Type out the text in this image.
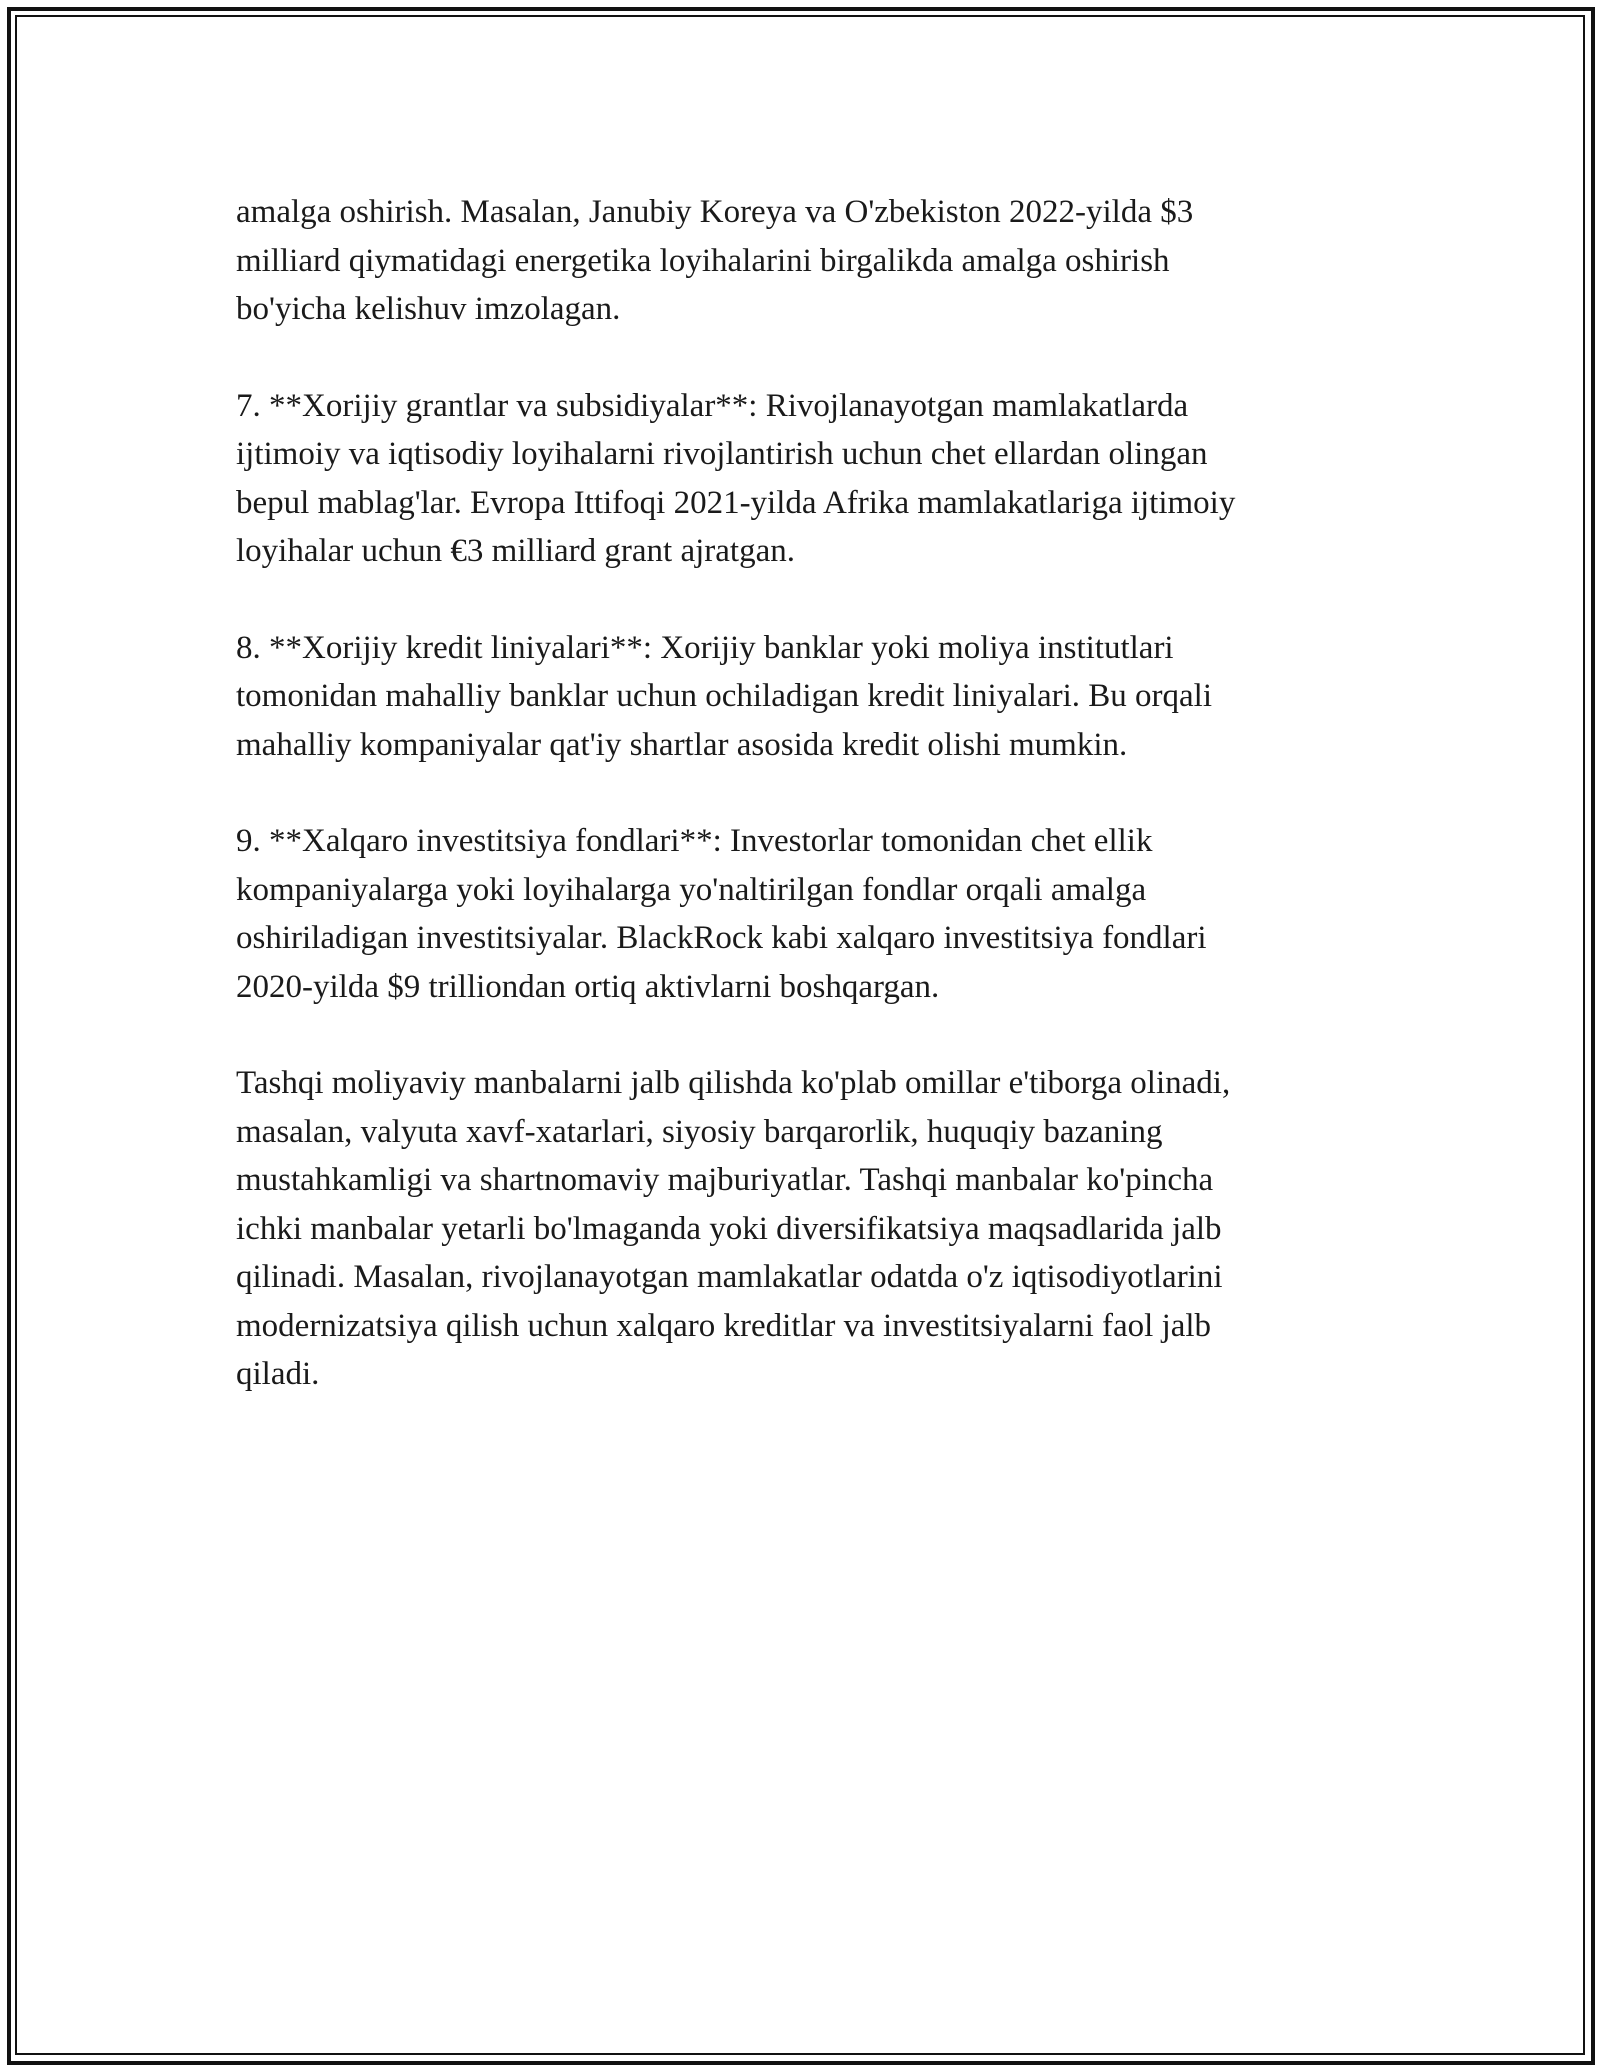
amalga oshirish. Masalan, Janubiy Koreya va O'zbekiston 2022-yilda $3
milliard qiymatidagi energetika loyihalarini birgalikda amalga oshirish
bo'yicha kelishuv imzolagan.

7. **Xorijiy grantlar va subsidiyalar**: Rivojlanayotgan mamlakatlarda
ijtimoiy va iqtisodiy loyihalarni rivojlantirish uchun chet ellardan olingan
bepul mablag'lar. Evropa Ittifoqi 2021-yilda Afrika mamlakatlariga ijtimoiy
loyihalar uchun €3 milliard grant ajratgan.

8. **Xorijiy kredit liniyalari**: Xorijiy banklar yoki moliya institutlari
tomonidan mahalliy banklar uchun ochiladigan kredit liniyalari. Bu orqali
mahalliy kompaniyalar qat'iy shartlar asosida kredit olishi mumkin.

9. **Xalqaro investitsiya fondlari**: Investorlar tomonidan chet ellik
kompaniyalarga yoki loyihalarga yo'naltirilgan fondlar orqali amalga
oshiriladigan investitsiyalar. BlackRock kabi xalqaro investitsiya fondlari
2020-yilda $9 trilliondan ortiq aktivlarni boshqargan.

Tashqi moliyaviy manbalarni jalb qilishda ko'plab omillar e'tiborga olinadi,
masalan, valyuta xavf-xatarlari, siyosiy barqarorlik, huquqiy bazaning
mustahkamligi va shartnomaviy majburiyatlar. Tashqi manbalar ko'pincha
ichki manbalar yetarli bo'lmaganda yoki diversifikatsiya maqsadlarida jalb
qilinadi. Masalan, rivojlanayotgan mamlakatlar odatda o'z iqtisodiyotlarini
modernizatsiya qilish uchun xalqaro kreditlar va investitsiyalarni faol jalb
qiladi.
